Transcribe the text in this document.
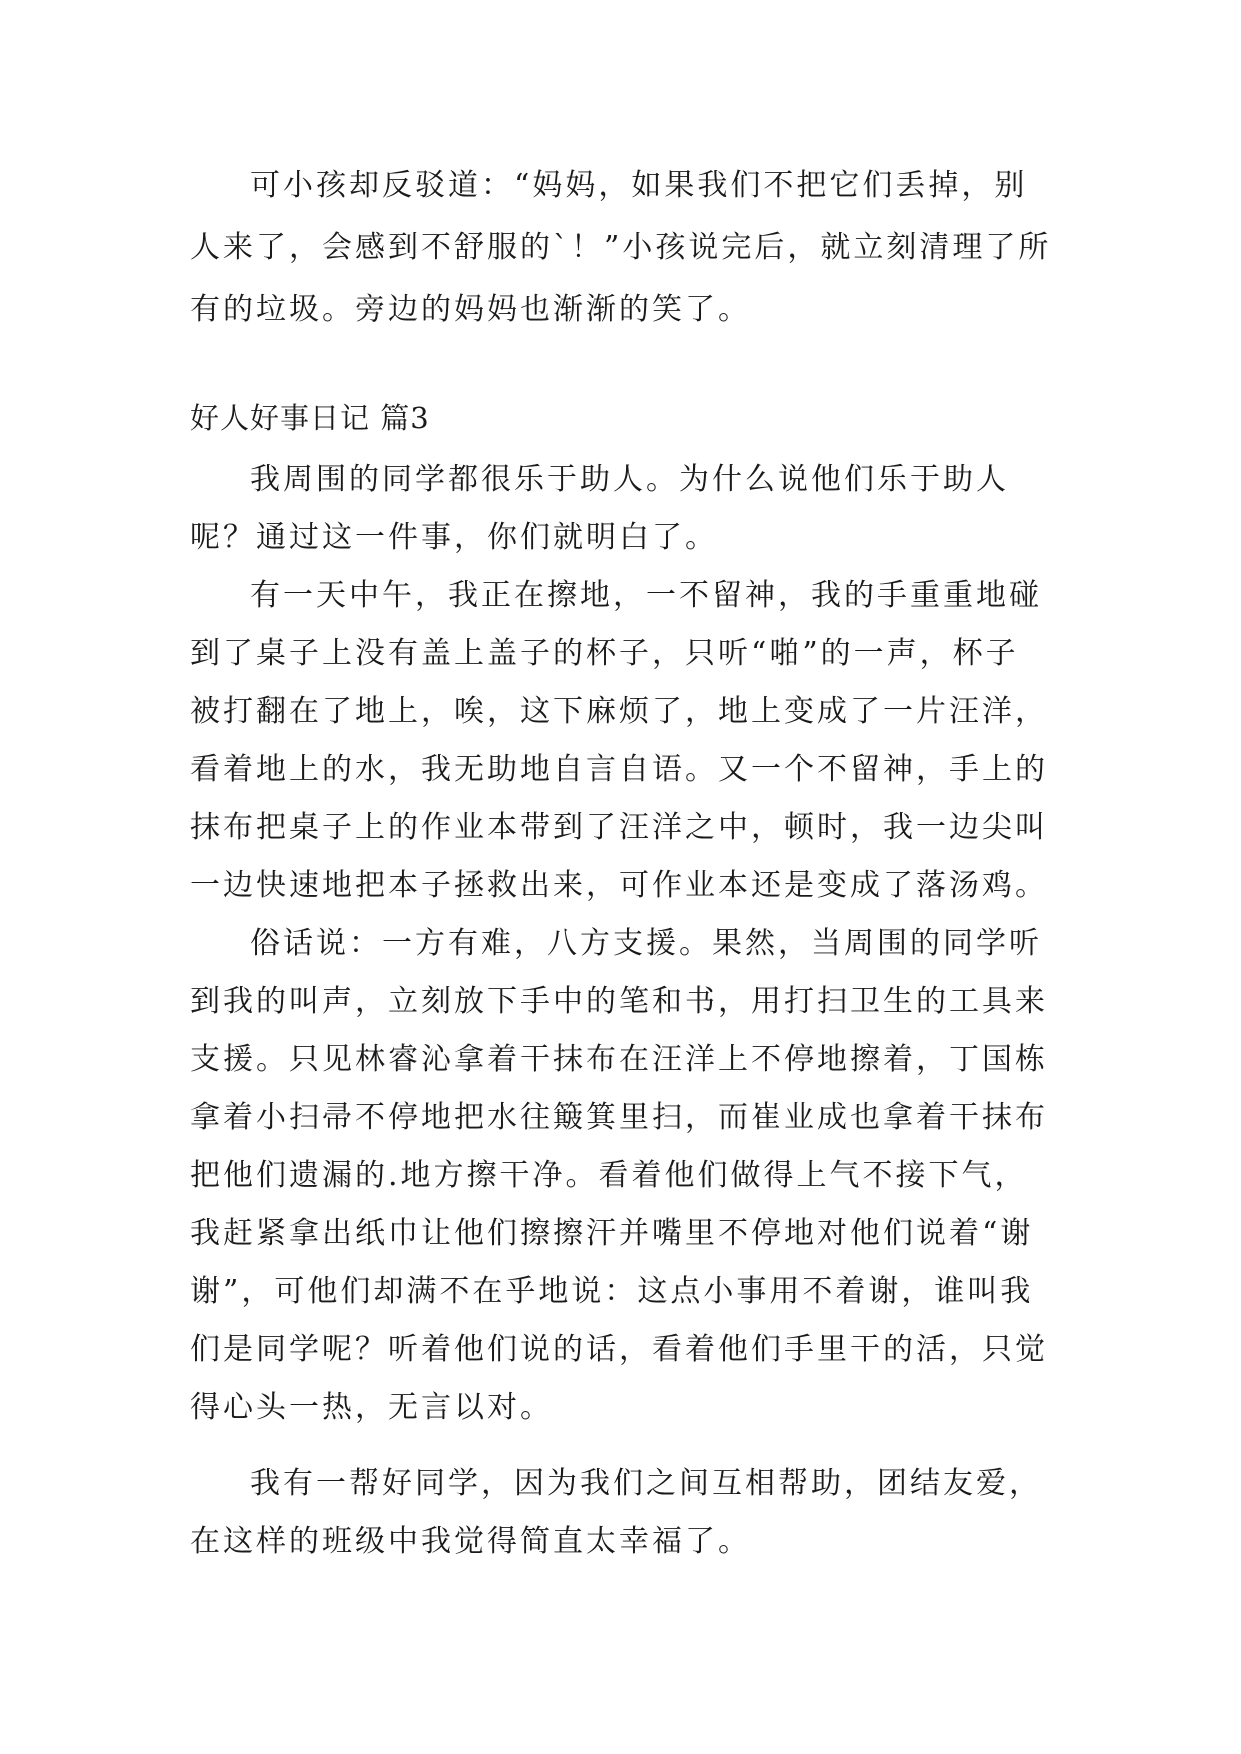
可小孩却反驳道：“妈妈，如果我们不把它们丢掉，别
人来了，会感到不舒服的`！”小孩说完后，就立刻清理了所
有的垃圾。旁边的妈妈也渐渐的笑了。
好人好事日记 篇3
我周围的同学都很乐于助人。为什么说他们乐于助人
呢？通过这一件事，你们就明白了。
有一天中午，我正在擦地，一不留神，我的手重重地碰
到了桌子上没有盖上盖子的杯子，只听“啪”的一声，杯子
被打翻在了地上，唉，这下麻烦了，地上变成了一片汪洋，
看着地上的水，我无助地自言自语。又一个不留神，手上的
抹布把桌子上的作业本带到了汪洋之中，顿时，我一边尖叫
一边快速地把本子拯救出来，可作业本还是变成了落汤鸡。
俗话说：一方有难，八方支援。果然，当周围的同学听
到我的叫声，立刻放下手中的笔和书，用打扫卫生的工具来
支援。只见林睿沁拿着干抹布在汪洋上不停地擦着，丁国栋
拿着小扫帚不停地把水往簸箕里扫，而崔业成也拿着干抹布
把他们遗漏的.地方擦干净。看着他们做得上气不接下气，
我赶紧拿出纸巾让他们擦擦汗并嘴里不停地对他们说着“谢
谢”，可他们却满不在乎地说：这点小事用不着谢，谁叫我
们是同学呢？听着他们说的话，看着他们手里干的活，只觉
得心头一热，无言以对。
我有一帮好同学，因为我们之间互相帮助，团结友爱，
在这样的班级中我觉得简直太幸福了。
